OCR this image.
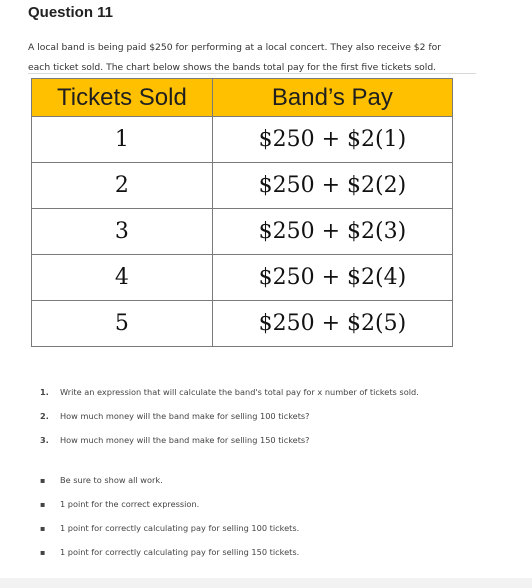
Question 11
A local band is being paid $250 for performing at a local concert. They also receive $2 for
each ticket sold. The chart below shows the bands total pay for the first five tickets sold.
Tickets Sold	Band’s Pay
1	$250 + $2(1)
2	$250 + $2(2)
3	$250 + $2(3)
4	$250 + $2(4)
5	$250 + $2(5)
1. Write an expression that will calculate the band's total pay for x number of tickets sold.
2. How much money will the band make for selling 100 tickets?
3. How much money will the band make for selling 150 tickets?
▪ Be sure to show all work.
▪ 1 point for the correct expression.
▪ 1 point for correctly calculating pay for selling 100 tickets.
▪ 1 point for correctly calculating pay for selling 150 tickets.
